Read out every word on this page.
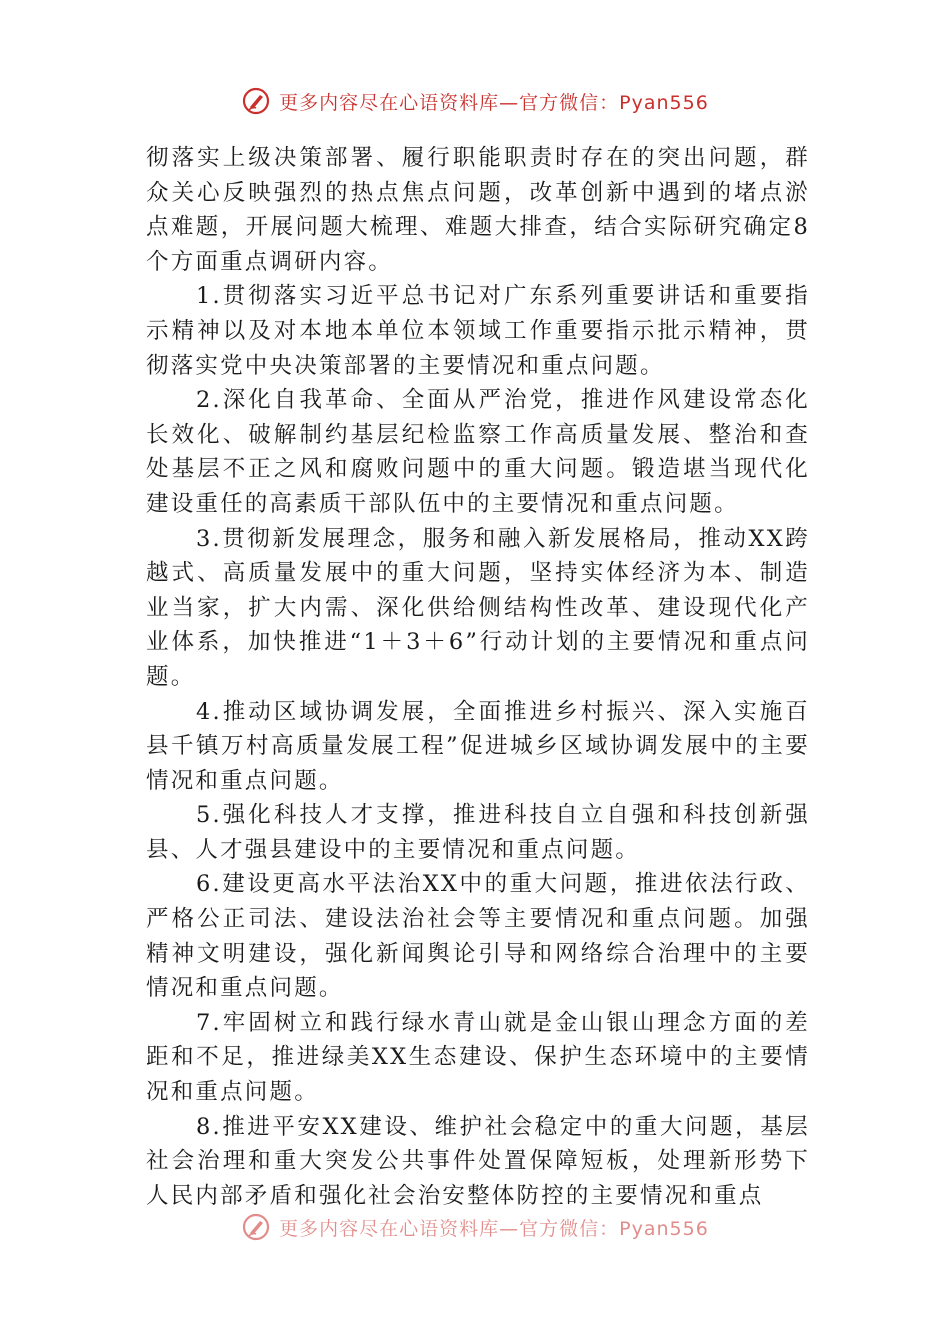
更多内容尽在心语资料库—官方微信：Pyan556

彻落实上级决策部署、履行职能职责时存在的突出问题，群众关心反映强烈的热点焦点问题，改革创新中遇到的堵点淤点难题，开展问题大梳理、难题大排查，结合实际研究确定8个方面重点调研内容。

1.贯彻落实习近平总书记对广东系列重要讲话和重要指示精神以及对本地本单位本领域工作重要指示批示精神，贯彻落实党中央决策部署的主要情况和重点问题。

2.深化自我革命、全面从严治党，推进作风建设常态化长效化、破解制约基层纪检监察工作高质量发展、整治和查处基层不正之风和腐败问题中的重大问题。锻造堪当现代化建设重任的高素质干部队伍中的主要情况和重点问题。

3.贯彻新发展理念，服务和融入新发展格局，推动XX跨越式、高质量发展中的重大问题，坚持实体经济为本、制造业当家，扩大内需、深化供给侧结构性改革、建设现代化产业体系，加快推进“1＋3＋6”行动计划的主要情况和重点问题。

4.推动区域协调发展，全面推进乡村振兴、深入实施百县千镇万村高质量发展工程”促进城乡区域协调发展中的主要情况和重点问题。

5.强化科技人才支撑，推进科技自立自强和科技创新强县、人才强县建设中的主要情况和重点问题。

6.建设更高水平法治XX中的重大问题，推进依法行政、严格公正司法、建设法治社会等主要情况和重点问题。加强精神文明建设，强化新闻舆论引导和网络综合治理中的主要情况和重点问题。

7.牢固树立和践行绿水青山就是金山银山理念方面的差距和不足，推进绿美XX生态建设、保护生态环境中的主要情况和重点问题。

8.推进平安XX建设、维护社会稳定中的重大问题，基层社会治理和重大突发公共事件处置保障短板，处理新形势下人民内部矛盾和强化社会治安整体防控的主要情况和重点

更多内容尽在心语资料库—官方微信：Pyan556
